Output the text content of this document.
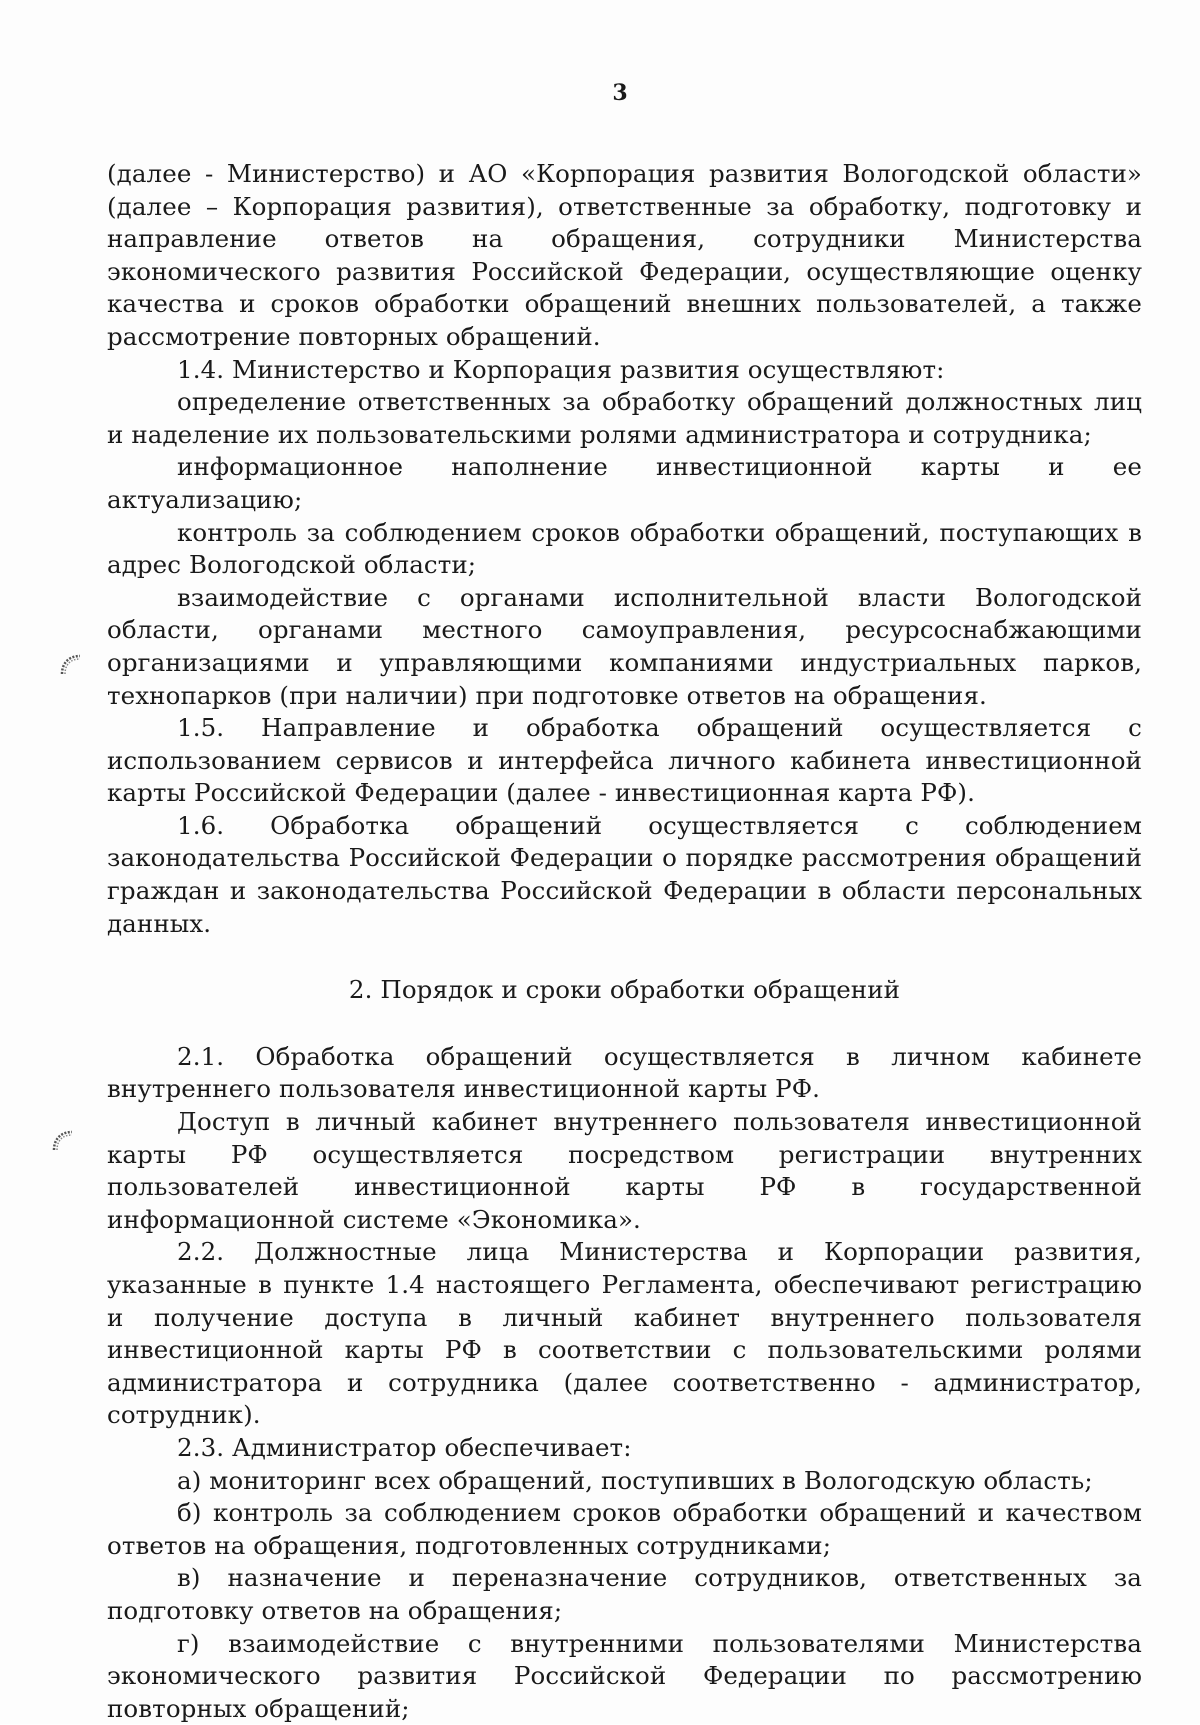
3

(далее - Министерство) и АО «Корпорация развития Вологодской области» (далее – Корпорация развития), ответственные за обработку, подготовку и направление ответов на обращения, сотрудники Министерства экономического развития Российской Федерации, осуществляющие оценку качества и сроков обработки обращений внешних пользователей, а также рассмотрение повторных обращений.

1.4. Министерство и Корпорация развития осуществляют:

определение ответственных за обработку обращений должностных лиц и наделение их пользовательскими ролями администратора и сотрудника;

информационное наполнение инвестиционной карты и ее актуализацию;

контроль за соблюдением сроков обработки обращений, поступающих в адрес Вологодской области;

взаимодействие с органами исполнительной власти Вологодской области, органами местного самоуправления, ресурсоснабжающими организациями и управляющими компаниями индустриальных парков, технопарков (при наличии) при подготовке ответов на обращения.

1.5. Направление и обработка обращений осуществляется с использованием сервисов и интерфейса личного кабинета инвестиционной карты Российской Федерации (далее - инвестиционная карта РФ).

1.6. Обработка обращений осуществляется с соблюдением законодательства Российской Федерации о порядке рассмотрения обращений граждан и законодательства Российской Федерации в области персональных данных.

2. Порядок и сроки обработки обращений

2.1. Обработка обращений осуществляется в личном кабинете внутреннего пользователя инвестиционной карты РФ.

Доступ в личный кабинет внутреннего пользователя инвестиционной карты РФ осуществляется посредством регистрации внутренних пользователей инвестиционной карты РФ в государственной информационной системе «Экономика».

2.2. Должностные лица Министерства и Корпорации развития, указанные в пункте 1.4 настоящего Регламента, обеспечивают регистрацию и получение доступа в личный кабинет внутреннего пользователя инвестиционной карты РФ в соответствии с пользовательскими ролями администратора и сотрудника (далее соответственно - администратор, сотрудник).

2.3. Администратор обеспечивает:

а) мониторинг всех обращений, поступивших в Вологодскую область;

б) контроль за соблюдением сроков обработки обращений и качеством ответов на обращения, подготовленных сотрудниками;

в) назначение и переназначение сотрудников, ответственных за подготовку ответов на обращения;

г) взаимодействие с внутренними пользователями Министерства экономического развития Российской Федерации по рассмотрению повторных обращений;
